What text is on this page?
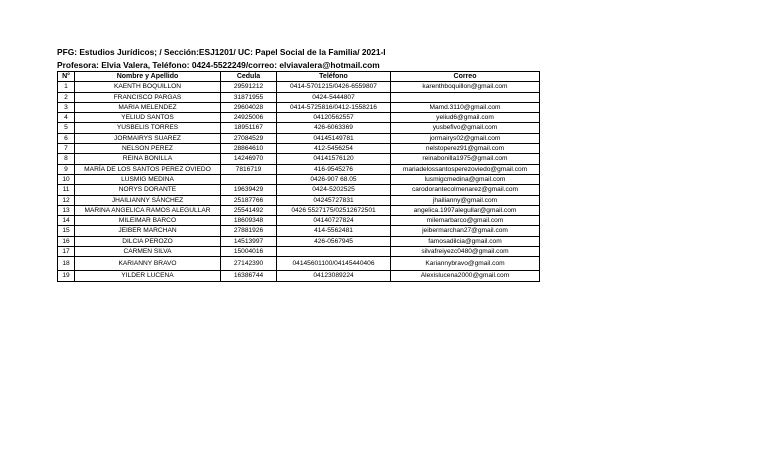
PFG: Estudios Jurídicos; / Sección:ESJ1201/ UC: Papel Social de la Familia/ 2021-I
Profesora: Elvia Valera, Teléfono: 0424-5522249/correo: elviavalera@hotmail.com
N°	Nombre y Apellido	Cedula	Teléfono	Correo
1	KAENTH BOQUILLON	29591212	0414-5701215/0426-6559807	karenthboquillon@gmail.com
2	FRANCISCO PARGAS	31871955	0424-5444807	
3	MARIA MELENDEZ	29604028	0414-5725816/0412-1558216	Mamd.3110@gmail.com
4	YELIUD SANTOS	24925006	04120562557	yeliud6@gmail.com
5	YUSBELIS TORRES	18951167	426-6063369	yusbeflvo@gmail.com
6	JORMAIRYS SUAREZ	27084529	04145149781	jormairys02@gmail.com
7	NELSON PEREZ	28864610	412-5456254	nelstoperez91@gmail.com
8	REINA BONILLA	14246970	04141576120	reinabonilla1975@gmail.com
9	MARÍA DE LOS SANTOS PEREZ OVIEDO	7816719	416-9545276	mariadelossantosperezoviedo@gmail.com
10	LUSMIG MEDINA		0426-907 68.05	lusmigcmedina@gmail.com
11	NORYS DORANTE	19639429	0424-5202525	carodorantecolmenarez@gmail.com
12	JHAILIANNY SÁNCHEZ	25187766	04245727831	jhailianny@gmail.com
13	MARINA ANGELICA RAMOS ALEGULLAR	25541492	0426 5527175/02512672501	angelica.1997alegullar@gmail.com
14	MILEIMAR BARCO	18609348	04140727824	milemarbarco@gmail.com
15	JEIBER MARCHAN	27881926	414-5562481	jeibermarchan27@gmail.com
16	DILCIA PEROZO	14513997	426-0567945	famosadilcia@gmail.com
17	CARMEN SILVA	15004016		silvafreiyezc0480@gmail.com
18	KARIANNY BRAVO	27142390	04145601100/04145440406	Kariannybravo@gmail.com
19	YILDER LUCENA	16386744	04123089224	Alexislucena2000@gmail.com
